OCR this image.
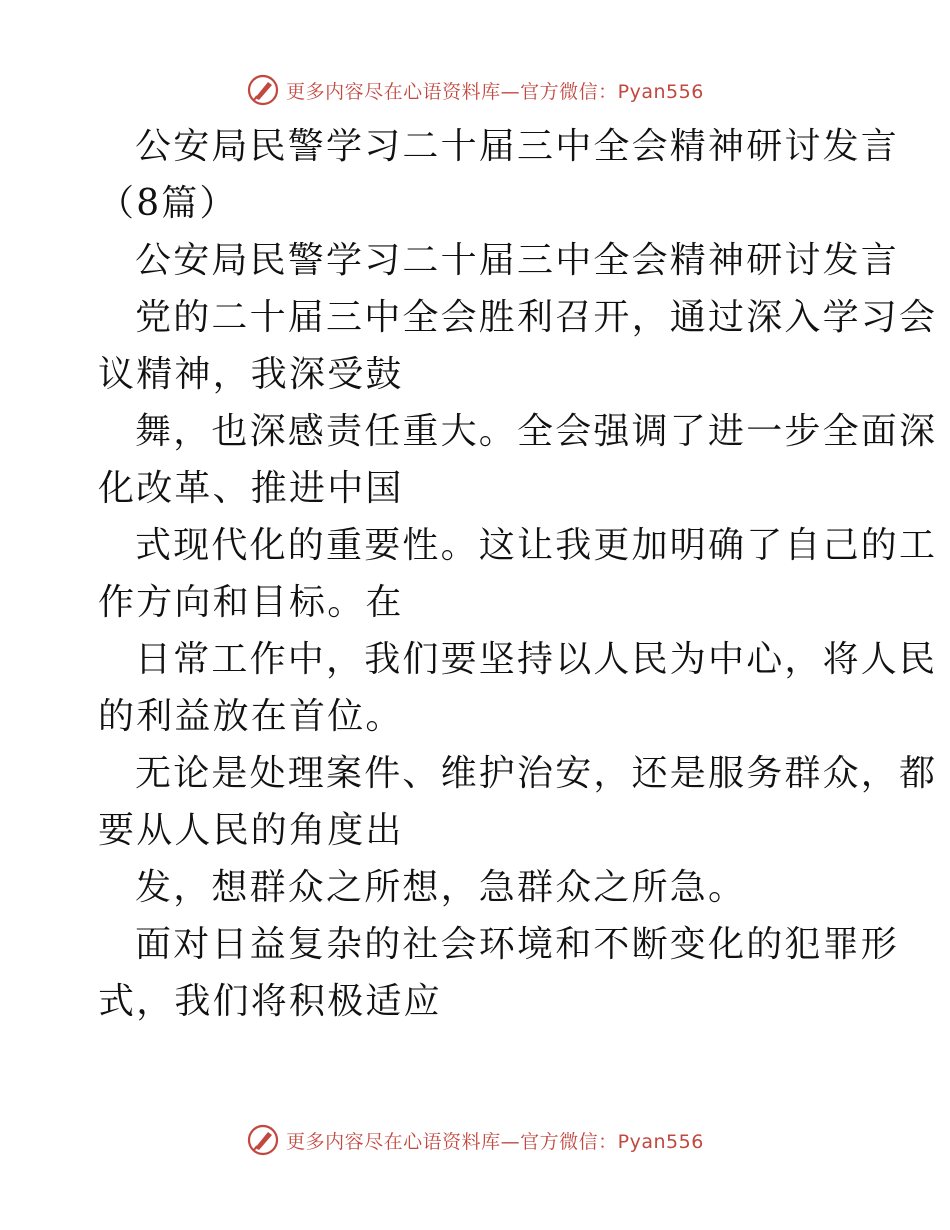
更多内容尽在心语资料库—官方微信：Pyan556
公安局民警学习二十届三中全会精神研讨发言
（8篇）
公安局民警学习二十届三中全会精神研讨发言
党的二十届三中全会胜利召开，通过深入学习会
议精神，我深受鼓
舞，也深感责任重大。全会强调了进一步全面深
化改革、推进中国
式现代化的重要性。这让我更加明确了自己的工
作方向和目标。在
日常工作中，我们要坚持以人民为中心，将人民
的利益放在首位。
无论是处理案件、维护治安，还是服务群众，都
要从人民的角度出
发，想群众之所想，急群众之所急。
面对日益复杂的社会环境和不断变化的犯罪形
式，我们将积极适应
更多内容尽在心语资料库—官方微信：Pyan556
